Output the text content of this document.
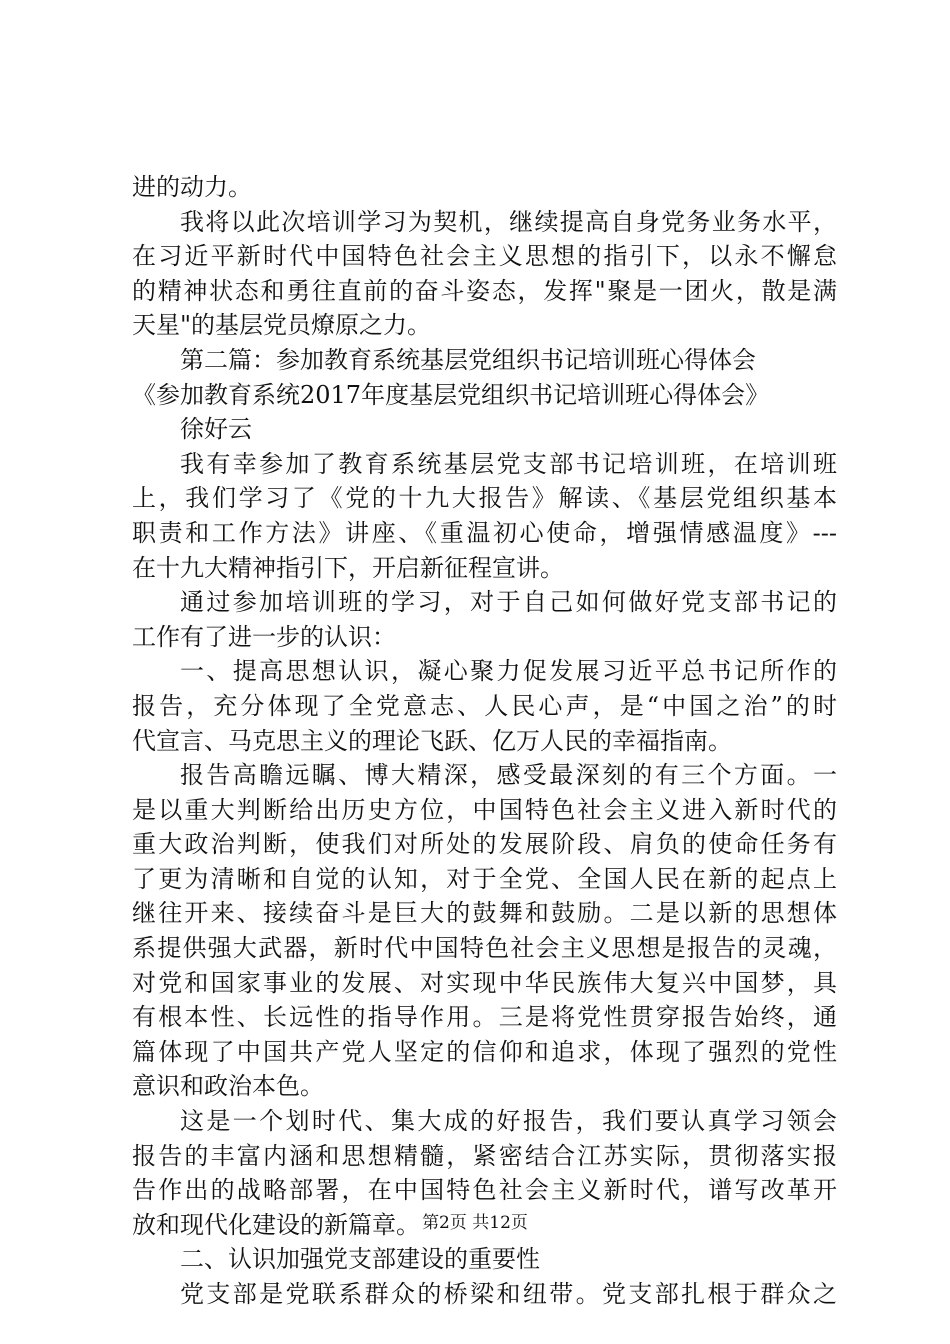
进的动力。
我将以此次培训学习为契机，继续提高自身党务业务水平，
在习近平新时代中国特色社会主义思想的指引下，以永不懈怠
的精神状态和勇往直前的奋斗姿态，发挥"聚是一团火，散是满
天星"的基层党员燎原之力。
第二篇：参加教育系统基层党组织书记培训班心得体会
《参加教育系统2017年度基层党组织书记培训班心得体会》
徐好云
我有幸参加了教育系统基层党支部书记培训班，在培训班
上，我们学习了《党的十九大报告》解读、《基层党组织基本
职责和工作方法》讲座、《重温初心使命，增强情感温度》---
在十九大精神指引下，开启新征程宣讲。
通过参加培训班的学习，对于自己如何做好党支部书记的
工作有了进一步的认识：
一、提高思想认识，凝心聚力促发展习近平总书记所作的
报告，充分体现了全党意志、人民心声，是“中国之治”的时
代宣言、马克思主义的理论飞跃、亿万人民的幸福指南。
报告高瞻远瞩、博大精深，感受最深刻的有三个方面。一
是以重大判断给出历史方位，中国特色社会主义进入新时代的
重大政治判断，使我们对所处的发展阶段、肩负的使命任务有
了更为清晰和自觉的认知，对于全党、全国人民在新的起点上
继往开来、接续奋斗是巨大的鼓舞和鼓励。二是以新的思想体
系提供强大武器，新时代中国特色社会主义思想是报告的灵魂，
对党和国家事业的发展、对实现中华民族伟大复兴中国梦，具
有根本性、长远性的指导作用。三是将党性贯穿报告始终，通
篇体现了中国共产党人坚定的信仰和追求，体现了强烈的党性
意识和政治本色。
这是一个划时代、集大成的好报告，我们要认真学习领会
报告的丰富内涵和思想精髓，紧密结合江苏实际，贯彻落实报
告作出的战略部署，在中国特色社会主义新时代，谱写改革开
放和现代化建设的新篇章。
二、认识加强党支部建设的重要性
党支部是党联系群众的桥梁和纽带。党支部扎根于群众之
第2页 共12页
